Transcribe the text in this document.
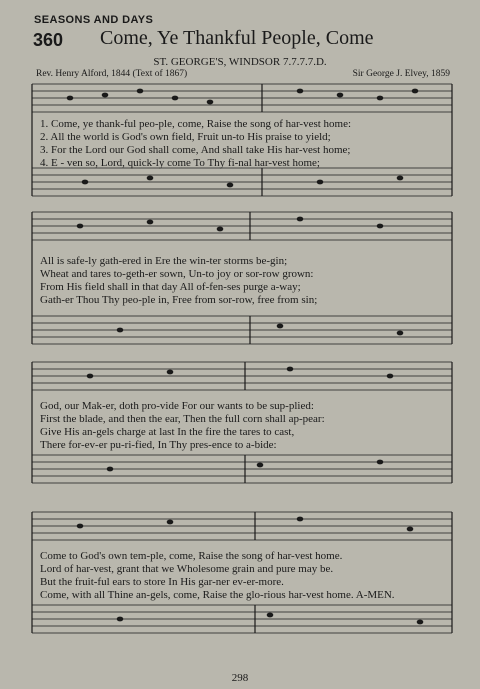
SEASONS AND DAYS
360 Come, Ye Thankful People, Come
ST. GEORGE'S, WINDSOR 7.7.7.7.D.
Rev. Henry Alford, 1844 (Text of 1867)	Sir George J. Elvey, 1859
1. Come, ye thank-ful peo-ple, come, Raise the song of har-vest home:
2. All the world is God's own field, Fruit un-to His praise to yield;
3. For the Lord our God shall come, And shall take His har-vest home;
4. E - ven so, Lord, quick-ly come To Thy fi-nal har-vest home;
All is safe-ly gath-ered in Ere the win-ter storms be-gin;
Wheat and tares to-geth-er sown, Un-to joy or sor-row grown:
From His field shall in that day All of-fen-ses purge a-way;
Gath-er Thou Thy peo-ple in, Free from sor-row, free from sin;
God, our Mak-er, doth pro-vide For our wants to be sup-plied:
First the blade, and then the ear, Then the full corn shall ap-pear:
Give His an-gels charge at last In the fire the tares to cast,
There for-ev-er pu-ri-fied, In Thy pres-ence to a-bide:
Come to God's own tem-ple, come, Raise the song of har-vest home.
Lord of har-vest, grant that we Wholesome grain and pure may be.
But the fruit-ful ears to store In His gar-ner ev-er-more.
Come, with all Thine an-gels, come, Raise the glo-rious har-vest home. A-MEN.
298
